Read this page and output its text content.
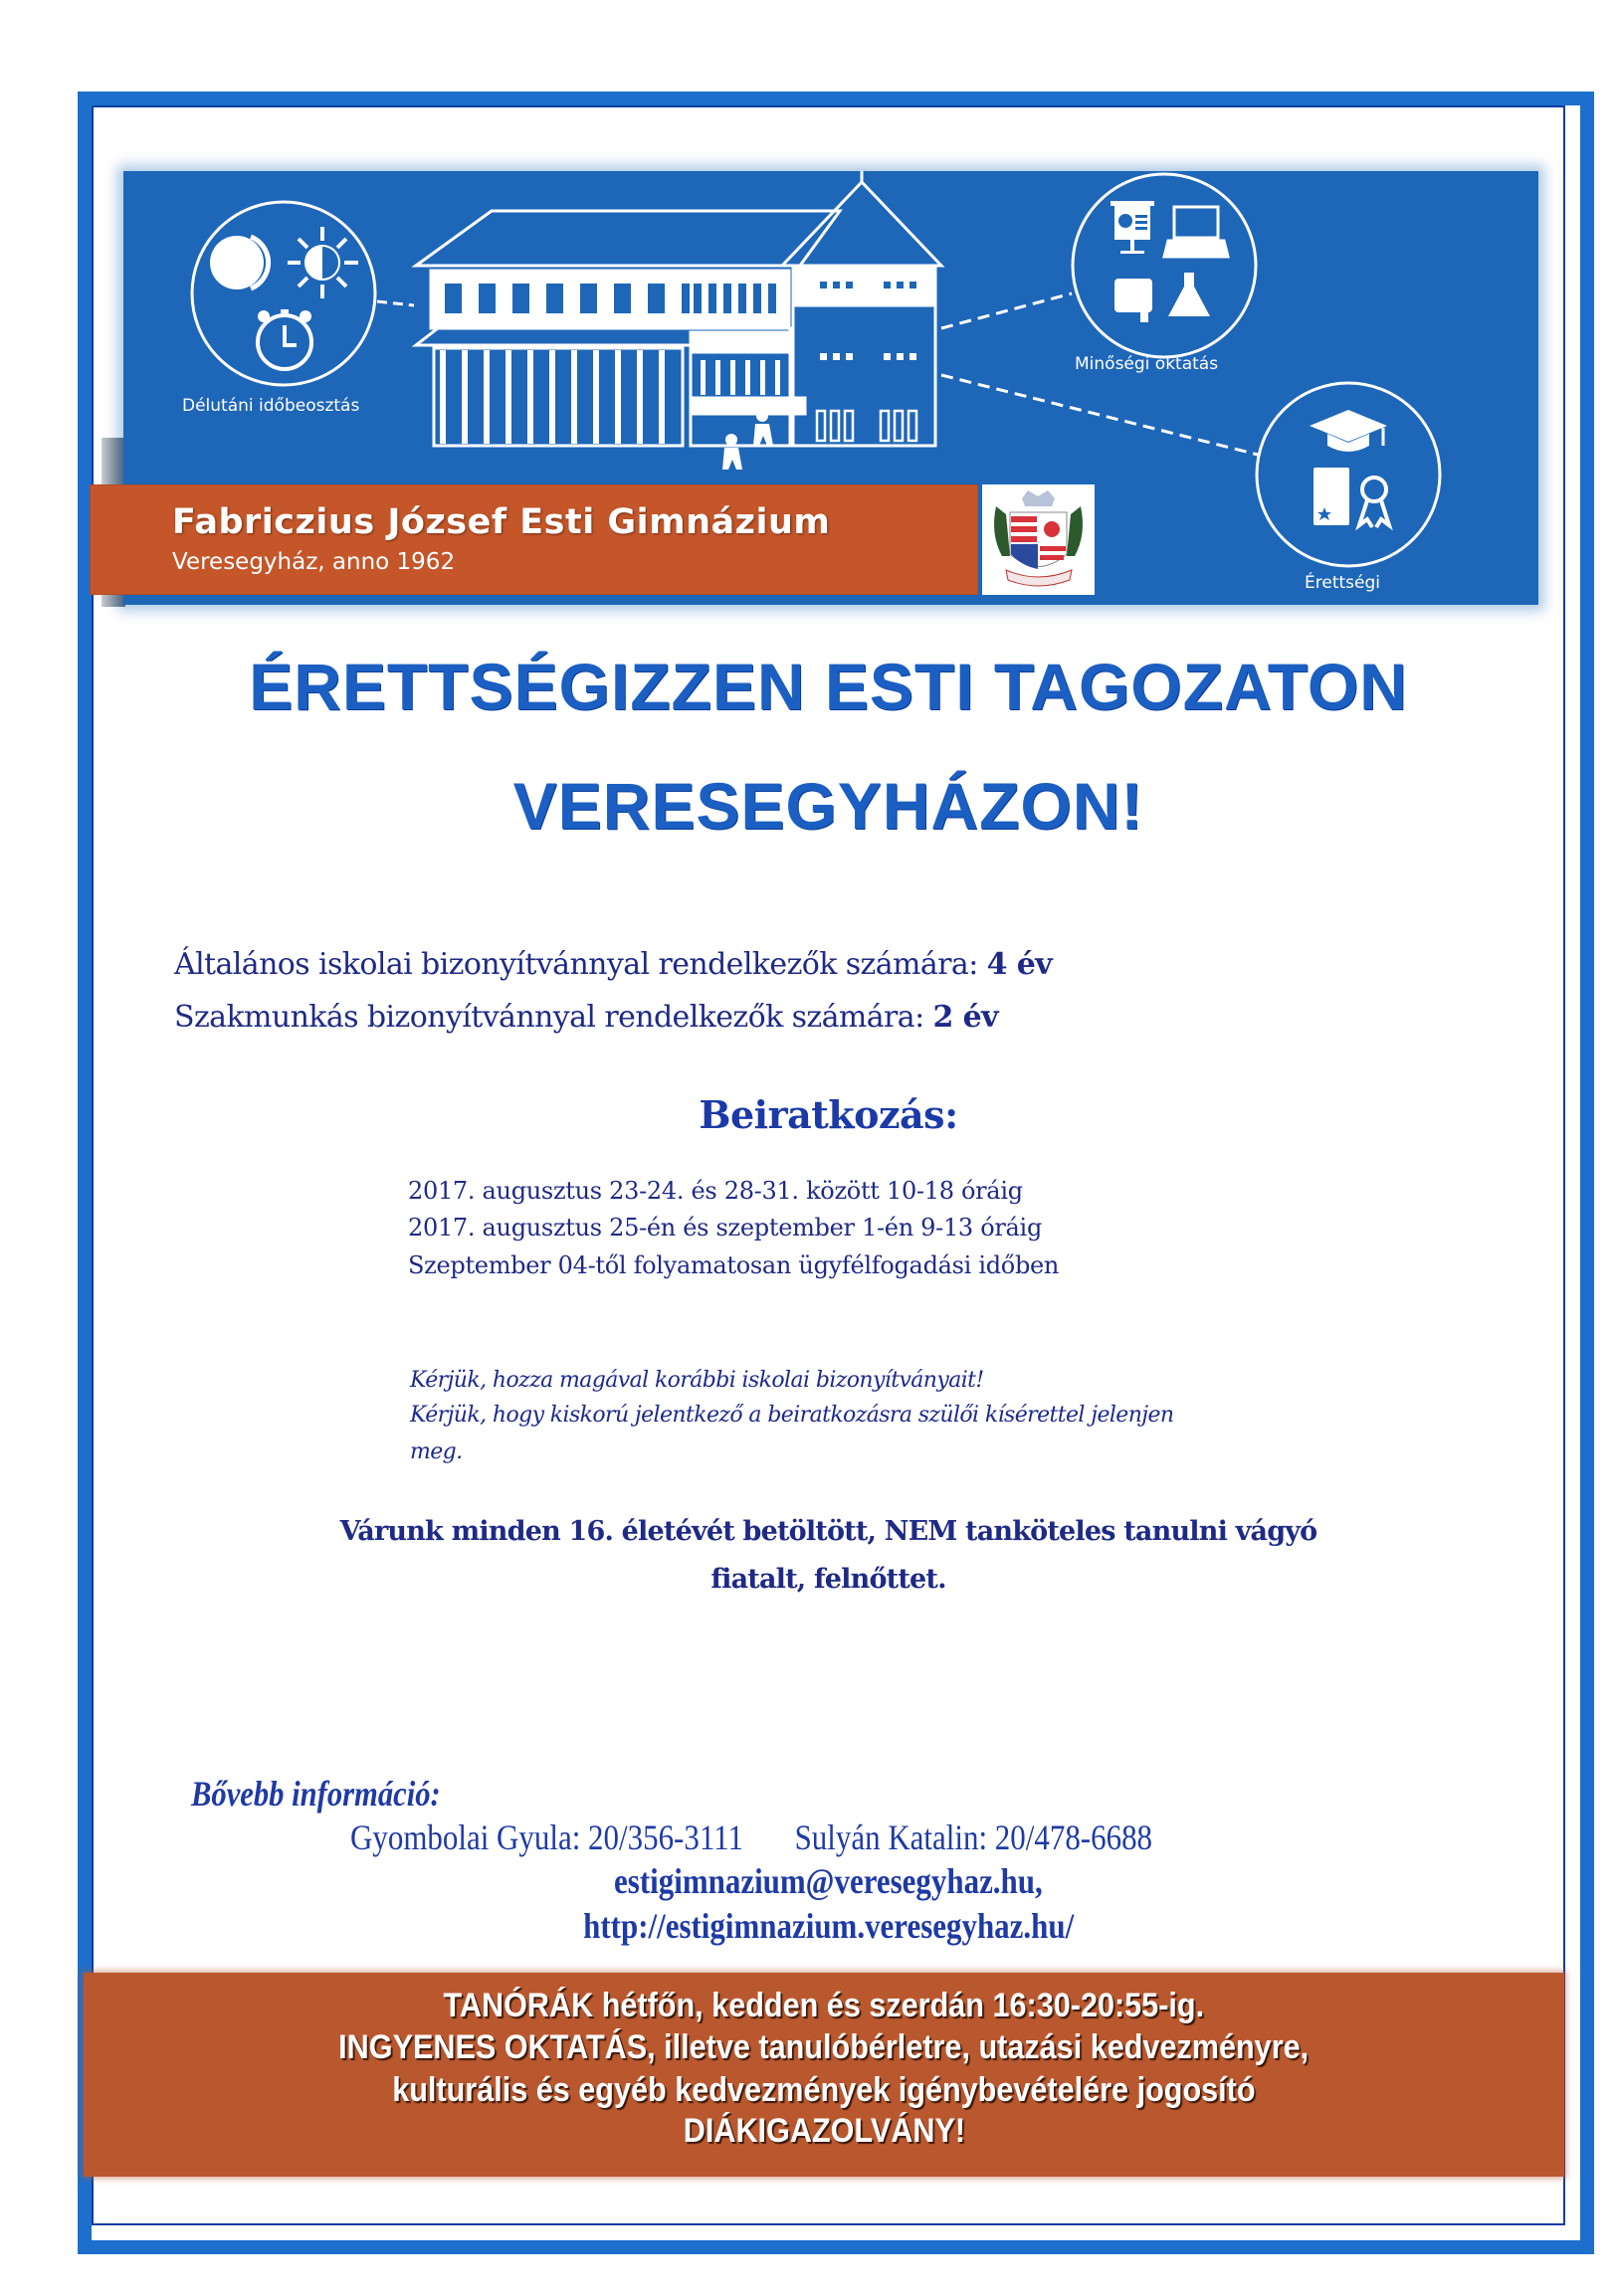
Délutáni időbeosztás
Minőségi oktatás
Érettségi
Fabriczius József Esti Gimnázium
Veresegyház, anno 1962
ÉRETTSÉGIZZEN ESTI TAGOZATON
VERESEGYHÁZON!
Általános iskolai bizonyítvánnyal rendelkezők számára: 4 év
Szakmunkás bizonyítvánnyal rendelkezők számára: 2 év
Beiratkozás:
2017. augusztus 23-24. és 28-31. között 10-18 óráig
2017. augusztus 25-én és szeptember 1-én 9-13 óráig
Szeptember 04-től folyamatosan ügyfélfogadási időben
Kérjük, hozza magával korábbi iskolai bizonyítványait!
Kérjük, hogy kiskorú jelentkező a beiratkozásra szülői kísérettel jelenjen
meg.
Várunk minden 16. életévét betöltött, NEM tanköteles tanulni vágyó
fiatalt, felnőttet.
Bővebb információ:
Gyombolai Gyula: 20/356-3111 Sulyán Katalin: 20/478-6688
estigimnazium@veresegyhaz.hu,
http://estigimnazium.veresegyhaz.hu/
TANÓRÁK hétfőn, kedden és szerdán 16:30-20:55-ig.
INGYENES OKTATÁS, illetve tanulóbérletre, utazási kedvezményre,
kulturális és egyéb kedvezmények igénybevételére jogosító
DIÁKIGAZOLVÁNY!
